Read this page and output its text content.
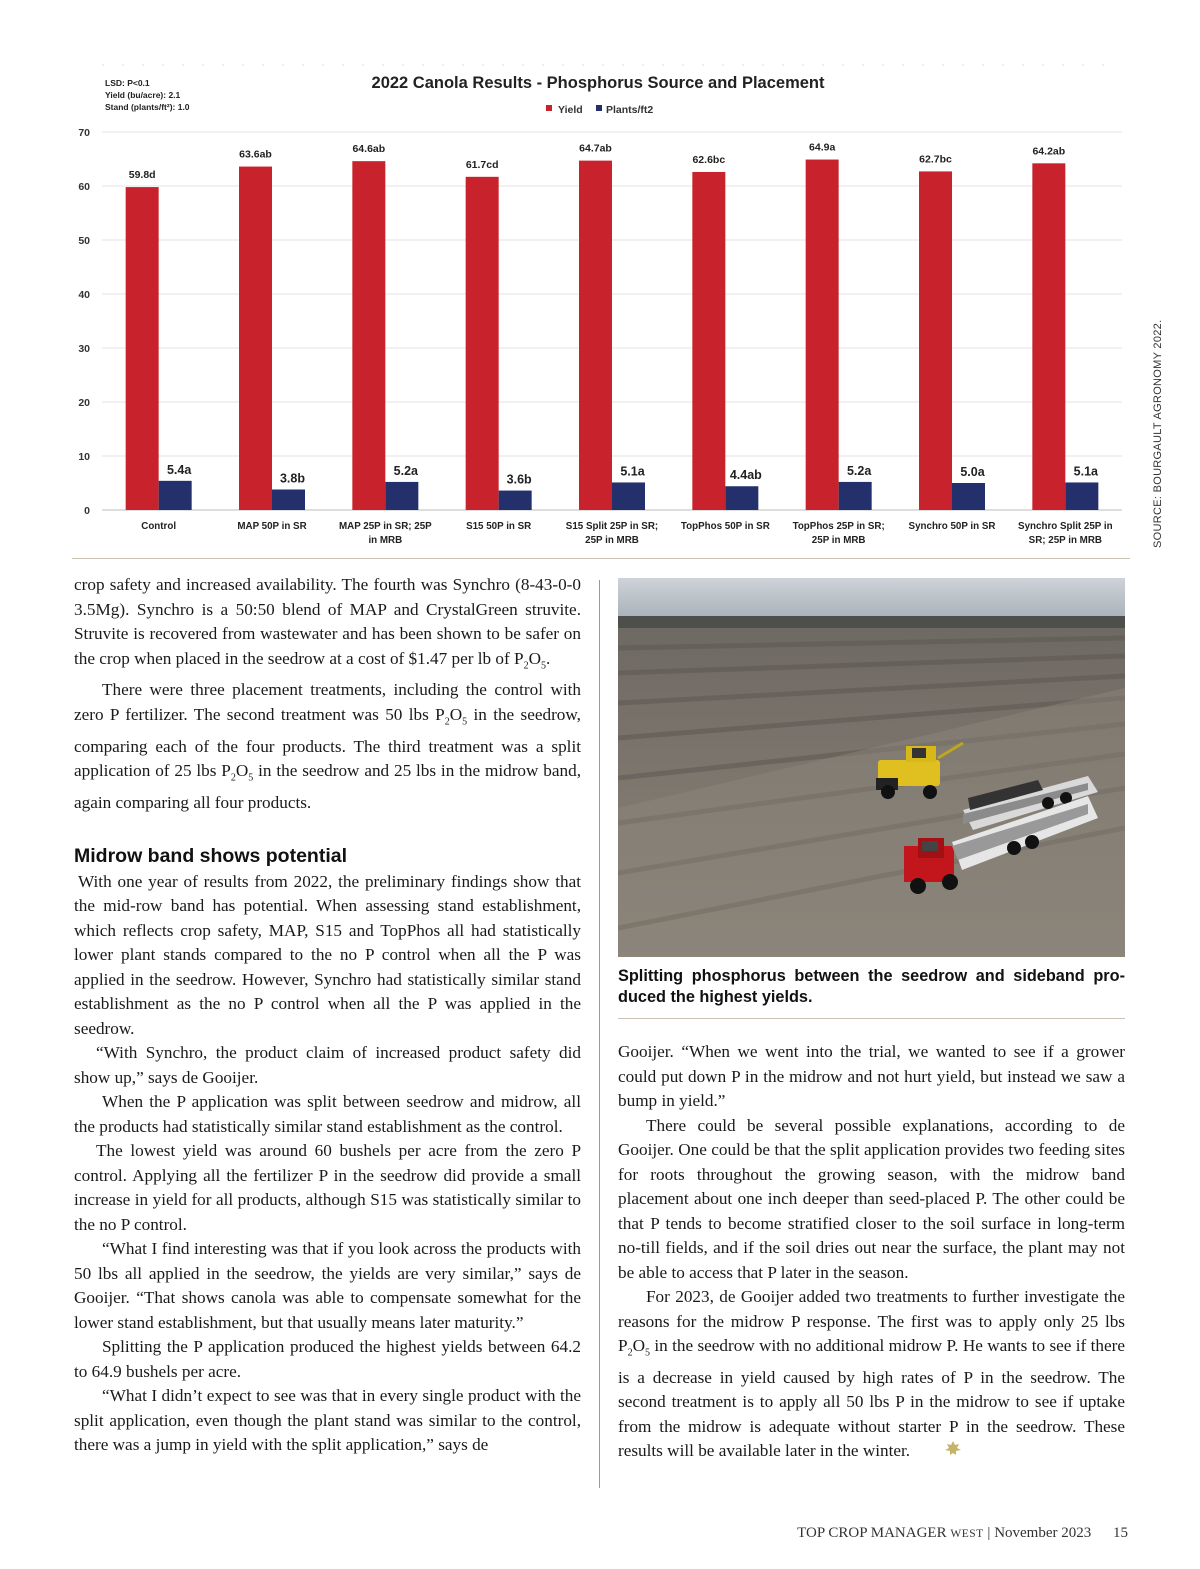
2022 Canola Results - Phosphorus Source and Placement
LSD: P<0.1
Yield (bu/acre): 2.1
Stand (plants/ft²): 1.0	Yield Plants/ft2
0
10
20
30
40
50
60
70
59.8d
5.4a
63.6ab
3.8b
64.6ab
5.2a
61.7cd
3.6b
64.7ab
5.1a
62.6bc
4.4ab
64.9a
5.2a
62.7bc
5.0a
64.2ab
5.1a
Control	MAP 50P in SR	MAP 25P in SR; 25P
in MRB
S15 50P in SR	S15 Split 25P in SR;
25P in MRB
TopPhos 50P in SR TopPhos 25P in SR;
25P in MRB
Synchro 50P in SR Synchro Split 25P in
SR; 25P in MRB	SOURCE: BOURGAULT AGRONOMY 2022.

crop safety and increased availability. The fourth was Synchro (8-43-0-0 3.5Mg). Synchro is a 50:50 blend of MAP and CrystalGreen struvite. Struvite is recovered from wastewater and has been shown to be safer on the crop when placed in the seedrow at a cost of $1.47 per lb of $P_2O_5$.

There were three placement treatments, including the control with zero P fertilizer. The second treatment was 50 lbs $P_2O_5$ in the seedrow, comparing each of the four products. The third treatment was a split application of 25 lbs $P_2O_5$ in the seedrow and 25 lbs in the midrow band, again comparing all four products.

Midrow band shows potential

With one year of results from 2022, the preliminary findings show that the mid-row band has potential. When assessing stand establishment, which reflects crop safety, MAP, S15 and TopPhos all had statistically lower plant stands compared to the no P control when all the P was applied in the seedrow. However, Synchro had statistically similar stand establishment as the no P control when all the P was applied in the seedrow.

“With Synchro, the product claim of increased product safety did show up,” says de Gooijer.

When the P application was split between seedrow and midrow, all the products had statistically similar stand establishment as the control.

The lowest yield was around 60 bushels per acre from the zero P control. Applying all the fertilizer P in the seedrow did provide a small increase in yield for all products, although S15 was statistically similar to the no P control.

“What I find interesting was that if you look across the products with 50 lbs all applied in the seedrow, the yields are very similar,” says de Gooijer. “That shows canola was able to compensate somewhat for the lower stand establishment, but that usually means later maturity.”

Splitting the P application produced the highest yields between 64.2 to 64.9 bushels per acre.

“What I didn’t expect to see was that in every single product with the split application, even though the plant stand was similar to the control, there was a jump in yield with the split application,” says de

Splitting phosphorus between the seedrow and sideband produced the highest yields.

Gooijer. “When we went into the trial, we wanted to see if a grower could put down P in the midrow and not hurt yield, but instead we saw a bump in yield.”

There could be several possible explanations, according to de Gooijer. One could be that the split application provides two feeding sites for roots throughout the growing season, with the midrow band placement about one inch deeper than seed-placed P. The other could be that P tends to become stratified closer to the soil surface in long-term no-till fields, and if the soil dries out near the surface, the plant may not be able to access that P later in the season.

For 2023, de Gooijer added two treatments to further investigate the reasons for the midrow P response. The first was to apply only 25 lbs $P_2O_5$ in the seedrow with no additional midrow P. He wants to see if there is a decrease in yield caused by high rates of P in the seedrow. The second treatment is to apply all 50 lbs P in the midrow to see if uptake from the midrow is adequate without starter P in the seedrow. These results will be available later in the winter.

TOP CROP MANAGER WEST | November 2023 15
